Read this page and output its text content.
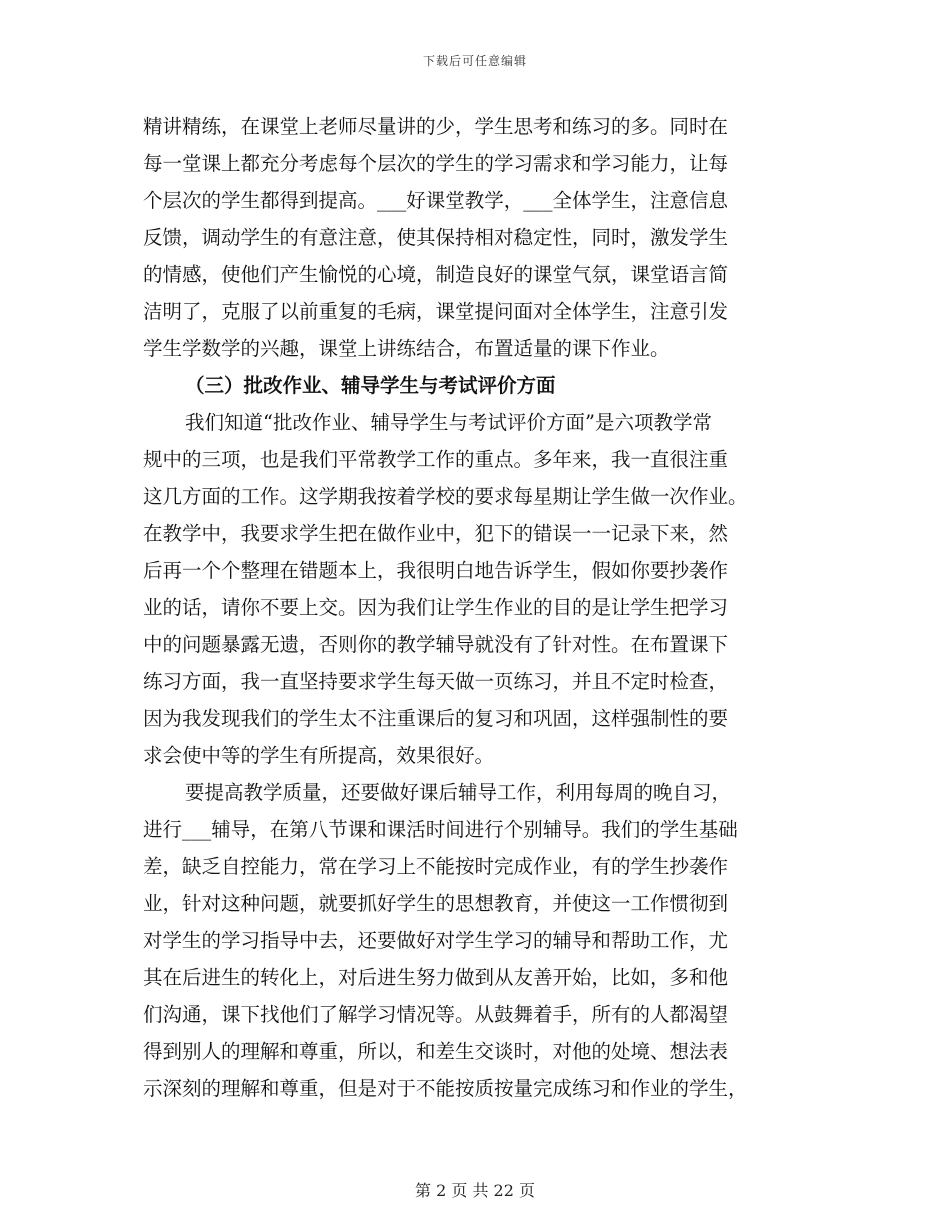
下载后可任意编辑
精讲精练，在课堂上老师尽量讲的少，学生思考和练习的多。同时在
每一堂课上都充分考虑每个层次的学生的学习需求和学习能力，让每
个层次的学生都得到提高。___好课堂教学，___全体学生，注意信息
反馈，调动学生的有意注意，使其保持相对稳定性，同时，激发学生
的情感，使他们产生愉悦的心境，制造良好的课堂气氛，课堂语言简
洁明了，克服了以前重复的毛病，课堂提问面对全体学生，注意引发
学生学数学的兴趣，课堂上讲练结合，布置适量的课下作业。
（三）批改作业、辅导学生与考试评价方面
我们知道“批改作业、辅导学生与考试评价方面”是六项教学常
规中的三项，也是我们平常教学工作的重点。多年来，我一直很注重
这几方面的工作。这学期我按着学校的要求每星期让学生做一次作业。
在教学中，我要求学生把在做作业中，犯下的错误一一记录下来，然
后再一个个整理在错题本上，我很明白地告诉学生，假如你要抄袭作
业的话，请你不要上交。因为我们让学生作业的目的是让学生把学习
中的问题暴露无遗，否则你的教学辅导就没有了针对性。在布置课下
练习方面，我一直坚持要求学生每天做一页练习，并且不定时检查，
因为我发现我们的学生太不注重课后的复习和巩固，这样强制性的要
求会使中等的学生有所提高，效果很好。
要提高教学质量，还要做好课后辅导工作，利用每周的晚自习，
进行___辅导，在第八节课和课活时间进行个别辅导。我们的学生基础
差，缺乏自控能力，常在学习上不能按时完成作业，有的学生抄袭作
业，针对这种问题，就要抓好学生的思想教育，并使这一工作惯彻到
对学生的学习指导中去，还要做好对学生学习的辅导和帮助工作，尤
其在后进生的转化上，对后进生努力做到从友善开始，比如，多和他
们沟通，课下找他们了解学习情况等。从鼓舞着手，所有的人都渴望
得到别人的理解和尊重，所以，和差生交谈时，对他的处境、想法表
示深刻的理解和尊重，但是对于不能按质按量完成练习和作业的学生，
第 2 页 共 22 页
